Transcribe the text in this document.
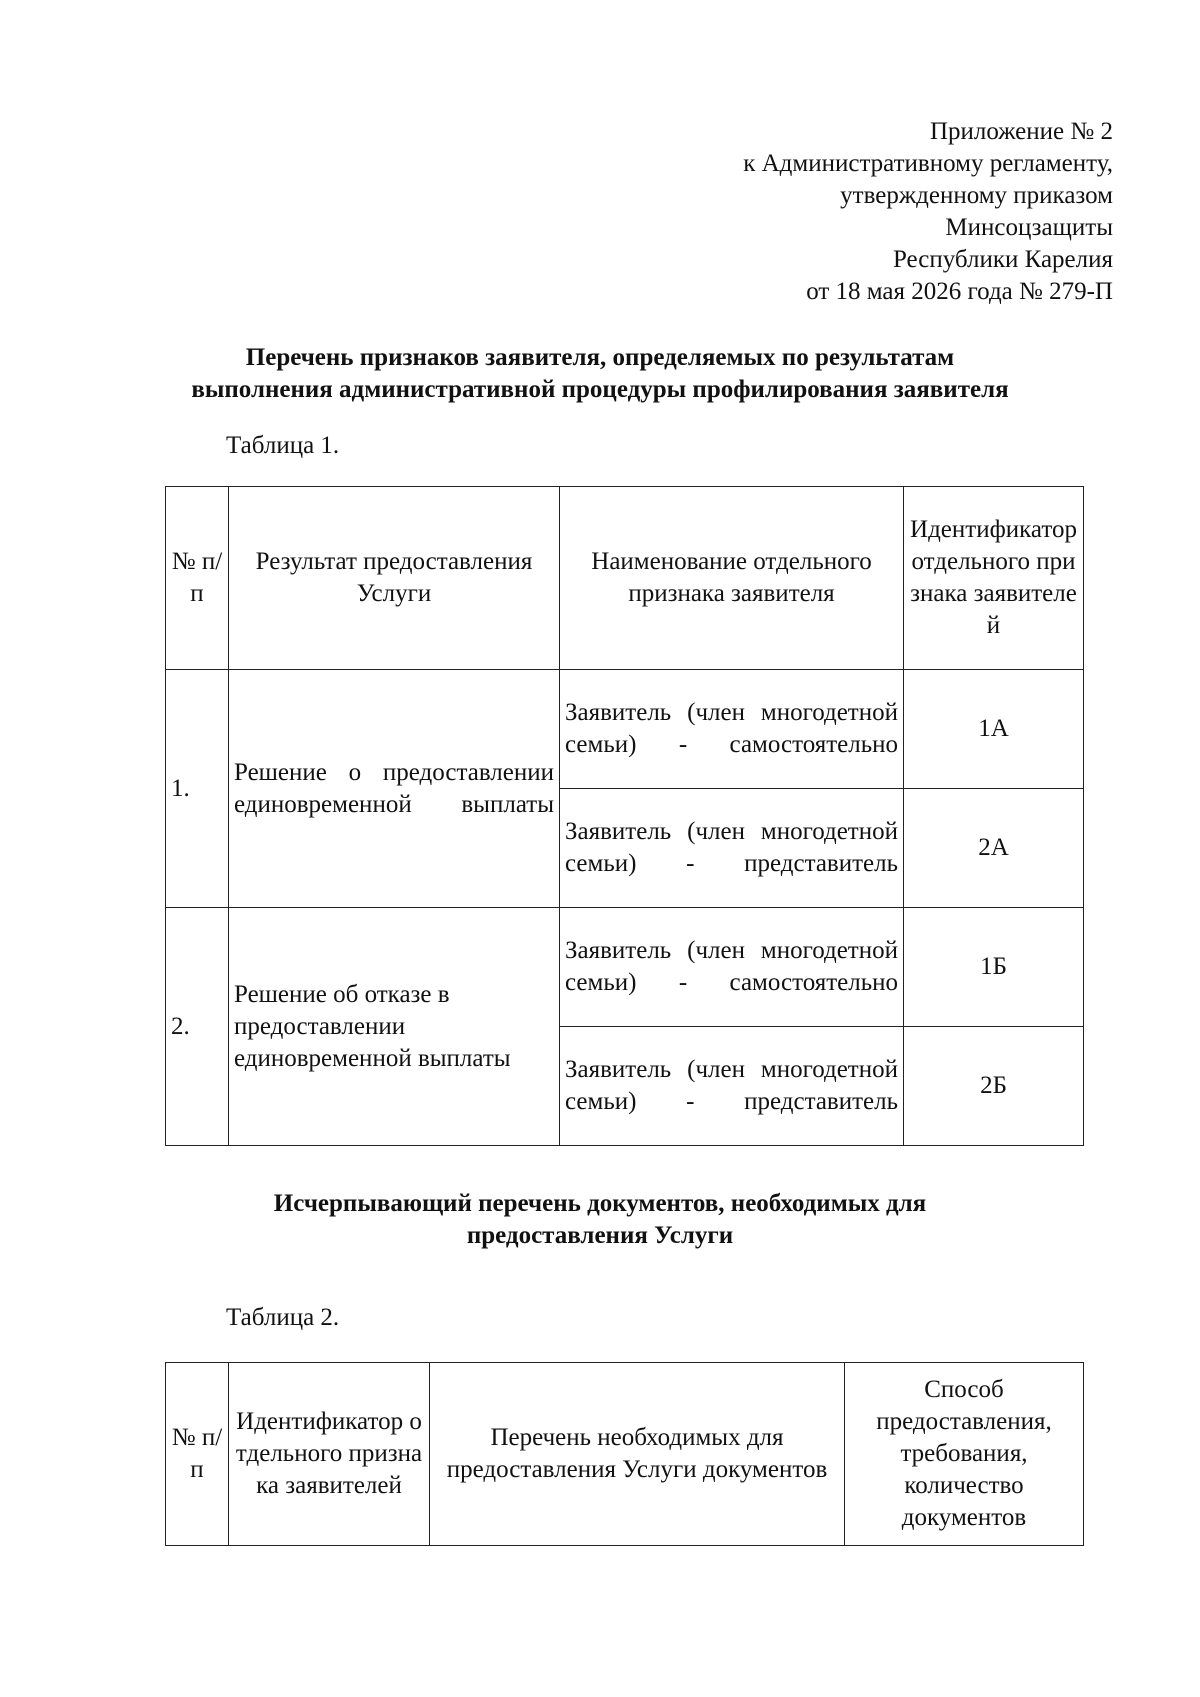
Приложение № 2
к Административному регламенту,
утвержденному приказом
Минсоцзащиты
Республики Карелия
от 18 мая 2026 года № 279-П
Перечень признаков заявителя, определяемых по результатам
выполнения административной процедуры профилирования заявителя
Таблица 1.
№ п/п	Результат предоставления Услуги	Наименование отдельного признака заявителя	Идентификатор отдельного признака заявителей
1.	Решение о предоставлении единовременной выплаты	Заявитель (член многодетной семьи) - самостоятельно	1А
		Заявитель (член многодетной семьи) - представитель	2А
2.	Решение об отказе в предоставлении единовременной выплаты	Заявитель (член многодетной семьи) - самостоятельно	1Б
		Заявитель (член многодетной семьи) - представитель	2Б
Исчерпывающий перечень документов, необходимых для
предоставления Услуги
Таблица 2.
№ п/п	Идентификатор отдельного признака заявителей	Перечень необходимых для предоставления Услуги документов	Способ предоставления, требования, количество документов
